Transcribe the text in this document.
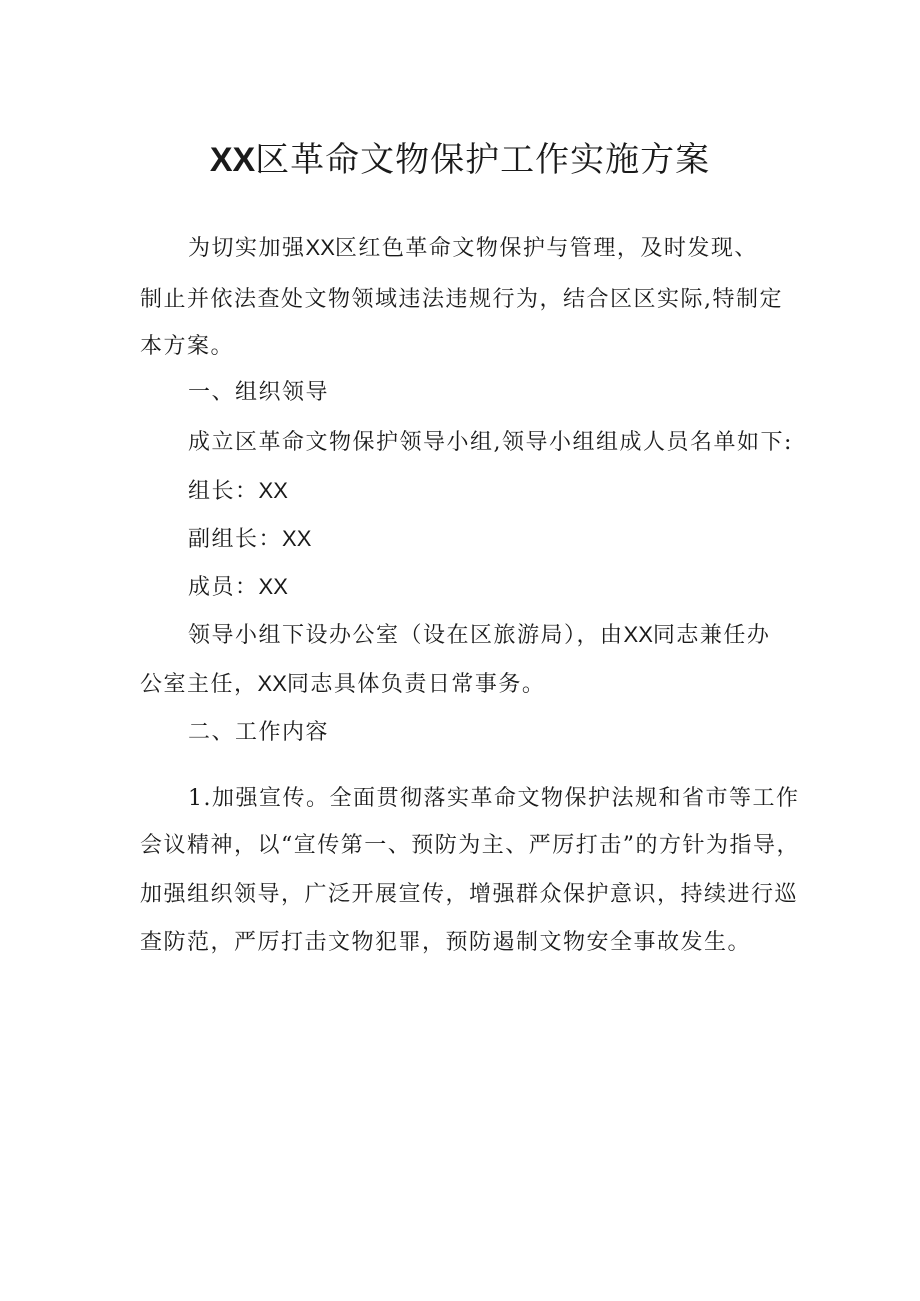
XX区革命文物保护工作实施方案

为切实加强XX区红色革命文物保护与管理，及时发现、

制止并依法查处文物领域违法违规行为，结合区区实际,特制定

本方案。

一、组织领导

成立区革命文物保护领导小组,领导小组组成人员名单如下:

组长：XX

副组长：XX

成员：XX

领导小组下设办公室（设在区旅游局），由XX同志兼任办

公室主任，XX同志具体负责日常事务。

二、工作内容

1.加强宣传。全面贯彻落实革命文物保护法规和省市等工作

会议精神，以“宣传第一、预防为主、严厉打击”的方针为指导，

加强组织领导，广泛开展宣传，增强群众保护意识，持续进行巡

查防范，严厉打击文物犯罪，预防遏制文物安全事故发生。
